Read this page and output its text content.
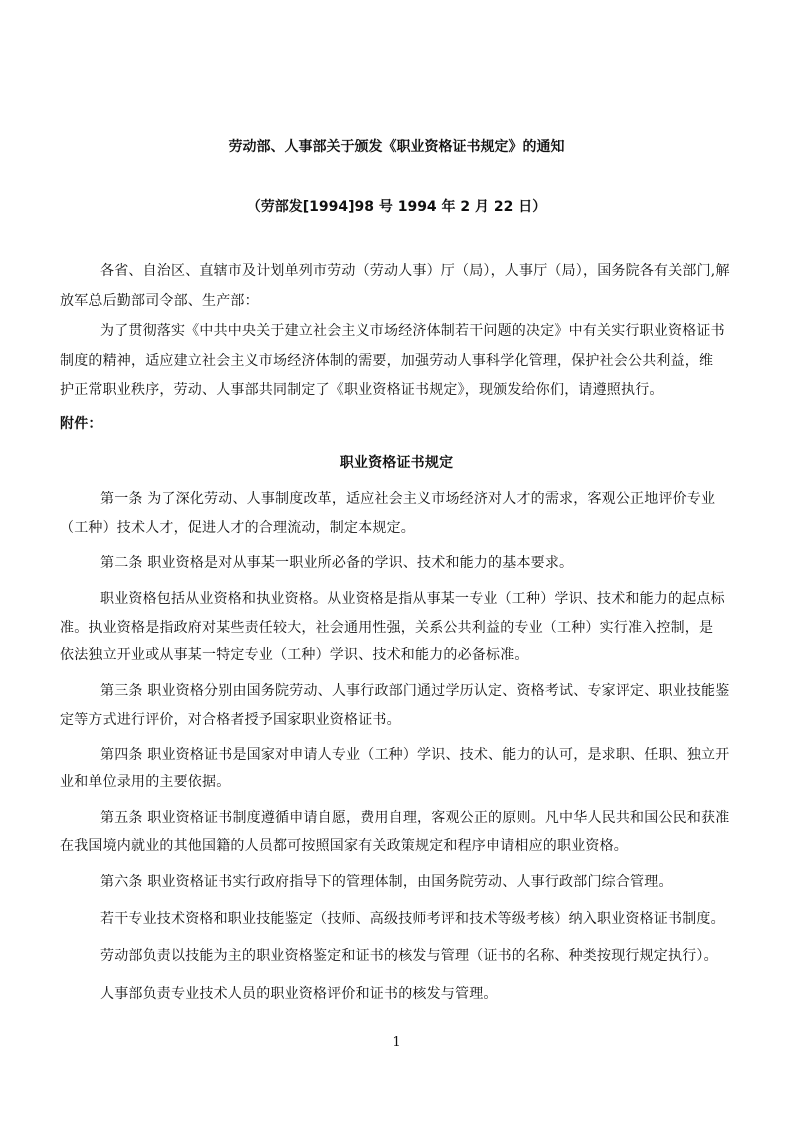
劳动部、人事部关于颁发《职业资格证书规定》的通知
（劳部发[1994]98 号 1994 年 2 月 22 日）
各省、自治区、直辖市及计划单列市劳动（劳动人事）厅（局），人事厅（局），国务院各有关部门,解
放军总后勤部司令部、生产部：
为了贯彻落实《中共中央关于建立社会主义市场经济体制若干问题的决定》中有关实行职业资格证书
制度的精神，适应建立社会主义市场经济体制的需要，加强劳动人事科学化管理，保护社会公共利益，维
护正常职业秩序，劳动、人事部共同制定了《职业资格证书规定》，现颁发给你们，请遵照执行。
附件：
职业资格证书规定
第一条 为了深化劳动、人事制度改革，适应社会主义市场经济对人才的需求，客观公正地评价专业
（工种）技术人才，促进人才的合理流动，制定本规定。
第二条 职业资格是对从事某一职业所必备的学识、技术和能力的基本要求。
职业资格包括从业资格和执业资格。从业资格是指从事某一专业（工种）学识、技术和能力的起点标
准。执业资格是指政府对某些责任较大，社会通用性强，关系公共利益的专业（工种）实行准入控制，是
依法独立开业或从事某一特定专业（工种）学识、技术和能力的必备标准。
第三条 职业资格分别由国务院劳动、人事行政部门通过学历认定、资格考试、专家评定、职业技能鉴
定等方式进行评价，对合格者授予国家职业资格证书。
第四条 职业资格证书是国家对申请人专业（工种）学识、技术、能力的认可，是求职、任职、独立开
业和单位录用的主要依据。
第五条 职业资格证书制度遵循申请自愿，费用自理，客观公正的原则。凡中华人民共和国公民和获准
在我国境内就业的其他国籍的人员都可按照国家有关政策规定和程序申请相应的职业资格。
第六条 职业资格证书实行政府指导下的管理体制，由国务院劳动、人事行政部门综合管理。
若干专业技术资格和职业技能鉴定（技师、高级技师考评和技术等级考核）纳入职业资格证书制度。
劳动部负责以技能为主的职业资格鉴定和证书的核发与管理（证书的名称、种类按现行规定执行）。
人事部负责专业技术人员的职业资格评价和证书的核发与管理。
1
